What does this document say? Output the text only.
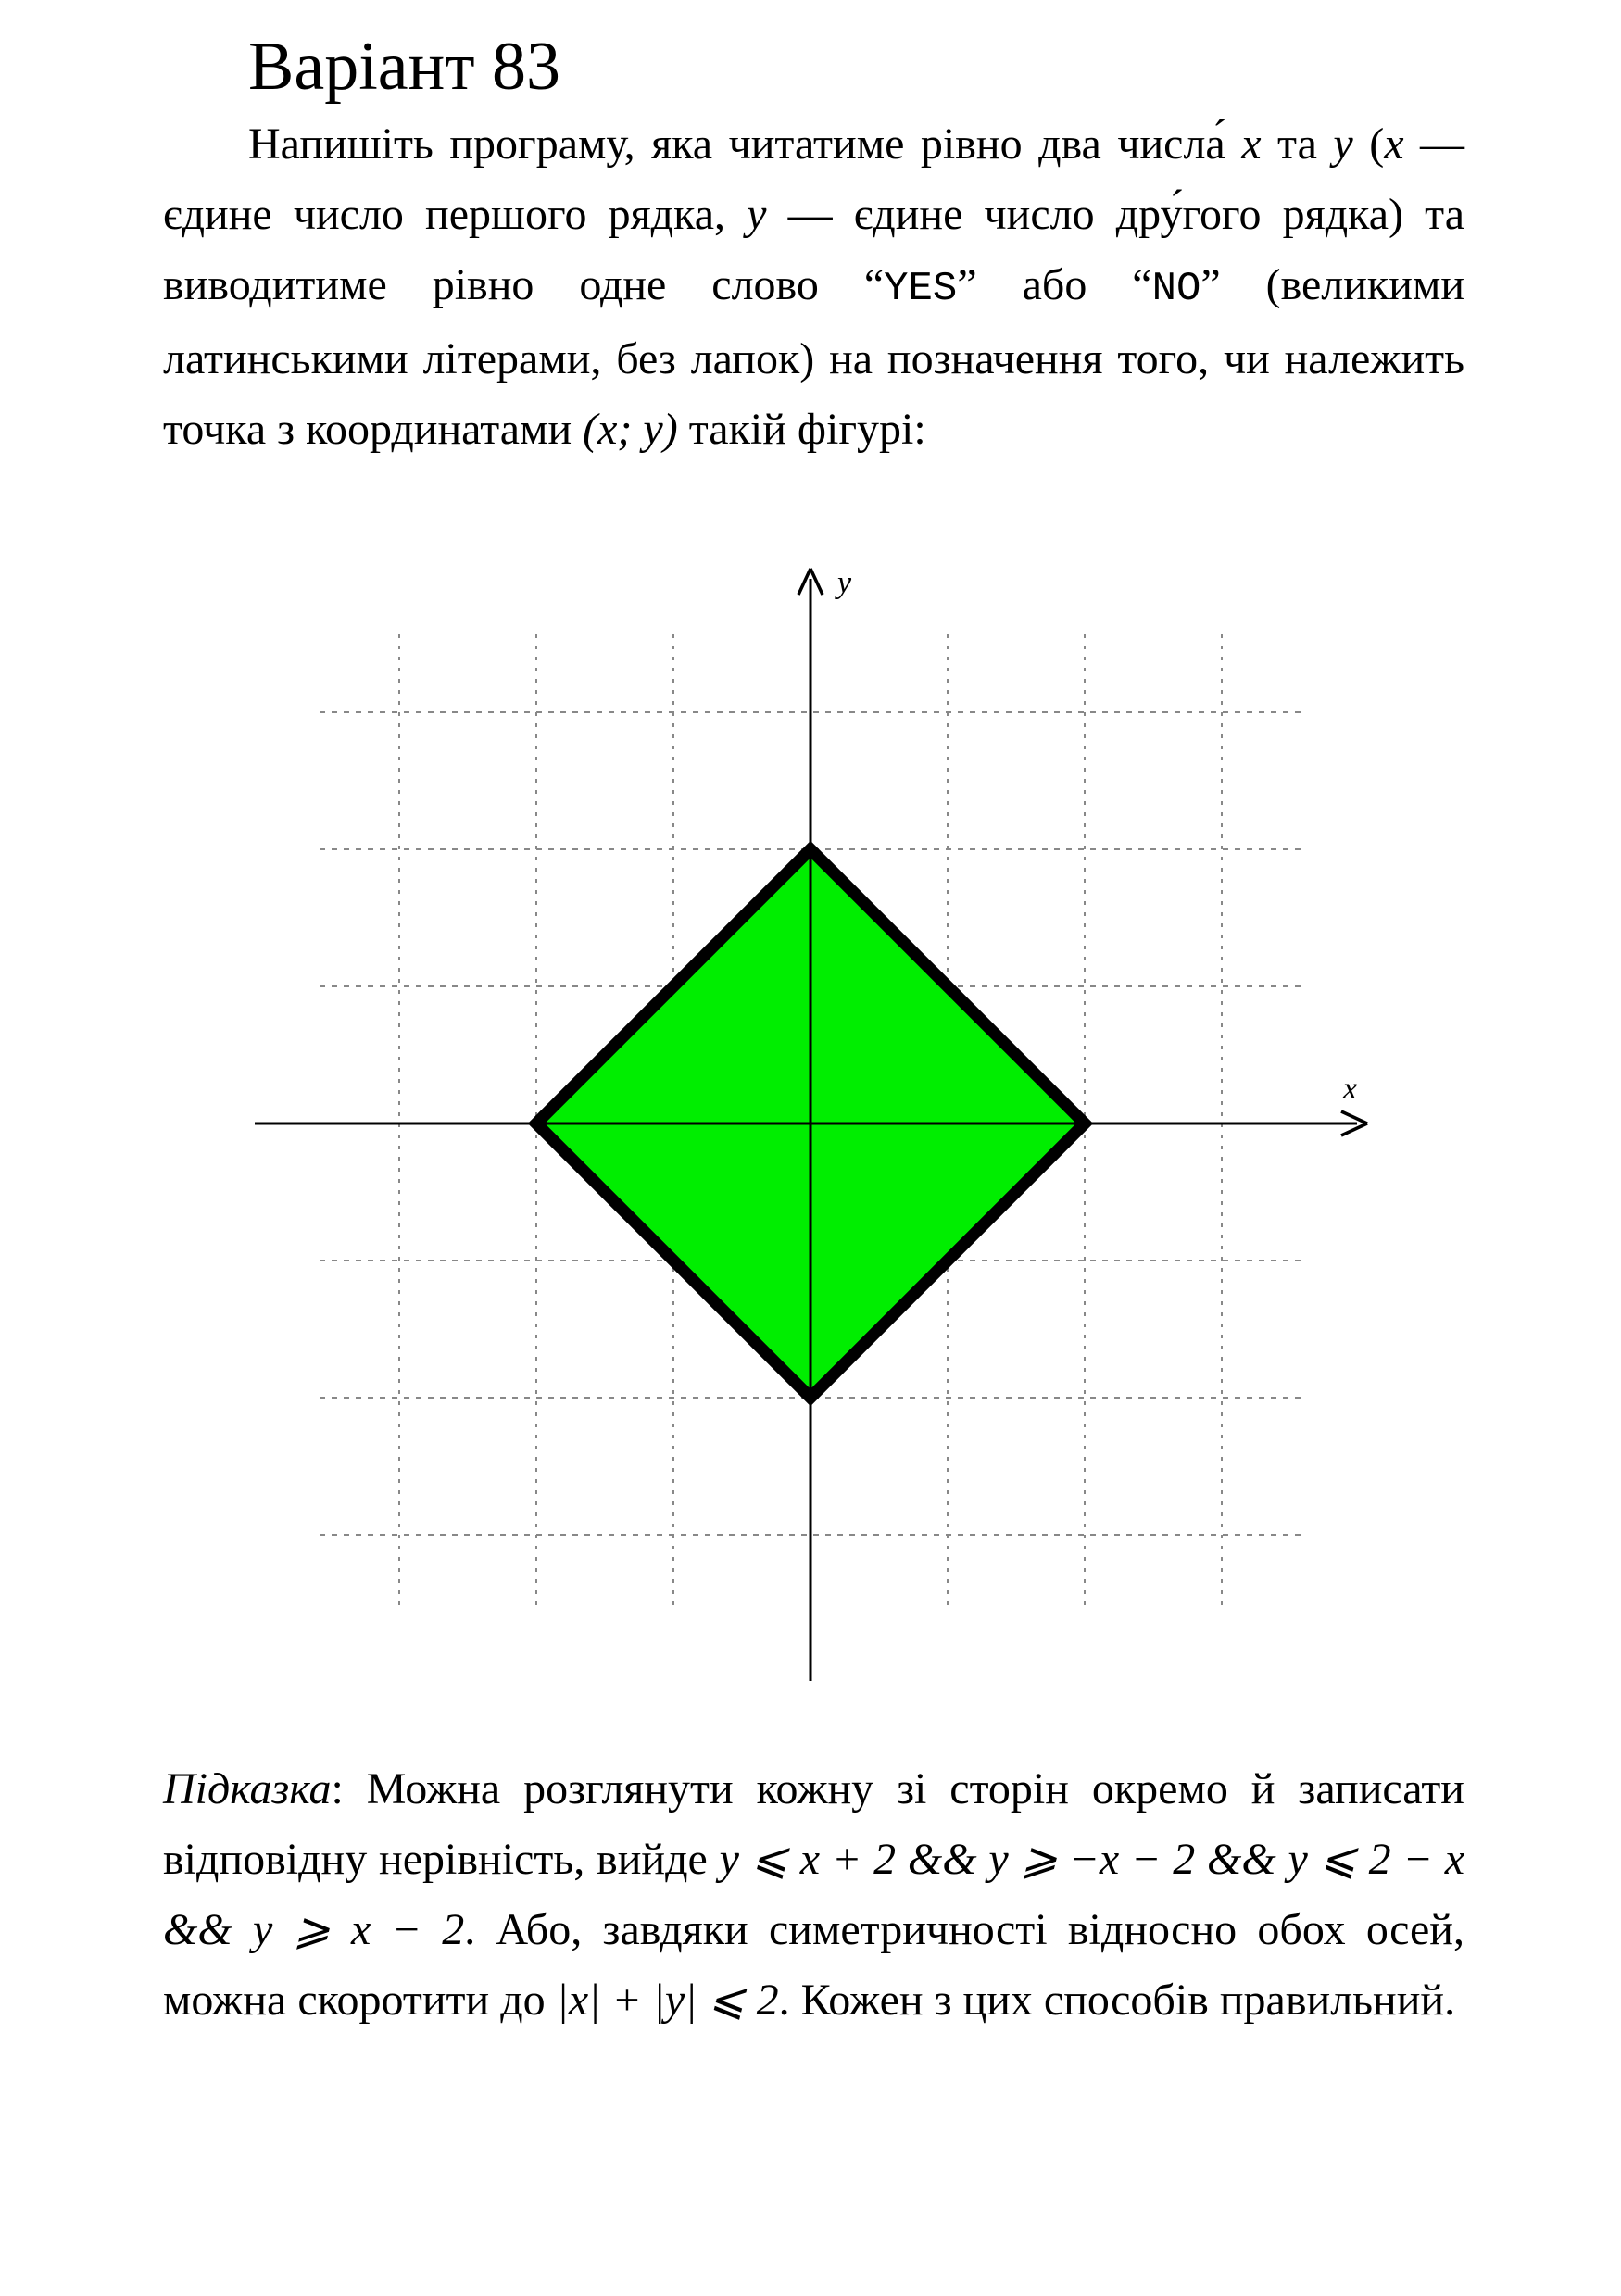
Варіант 83
Напишіть програму, яка читатиме рівно два числа́ x та y (x — єдине число першого рядка, y — єдине число дру́гого рядка) та виводитиме рівно одне слово “YES” або “NO” (великими латинськими літерами, без лапок) на позначення того, чи належить точка з координатами (x; y) такій фігурі:
x
y
Підказка: Можна розглянути кожну зі сторін окремо й записати відповідну нерівність, вийде y ⩽ x + 2 && y ⩾ −x − 2 && y ⩽ 2 − x && y ⩾ x − 2. Або, завдяки симетричності відносно обох осей, можна скоротити до |x| + |y| ⩽ 2. Кожен з цих способів правильний.
